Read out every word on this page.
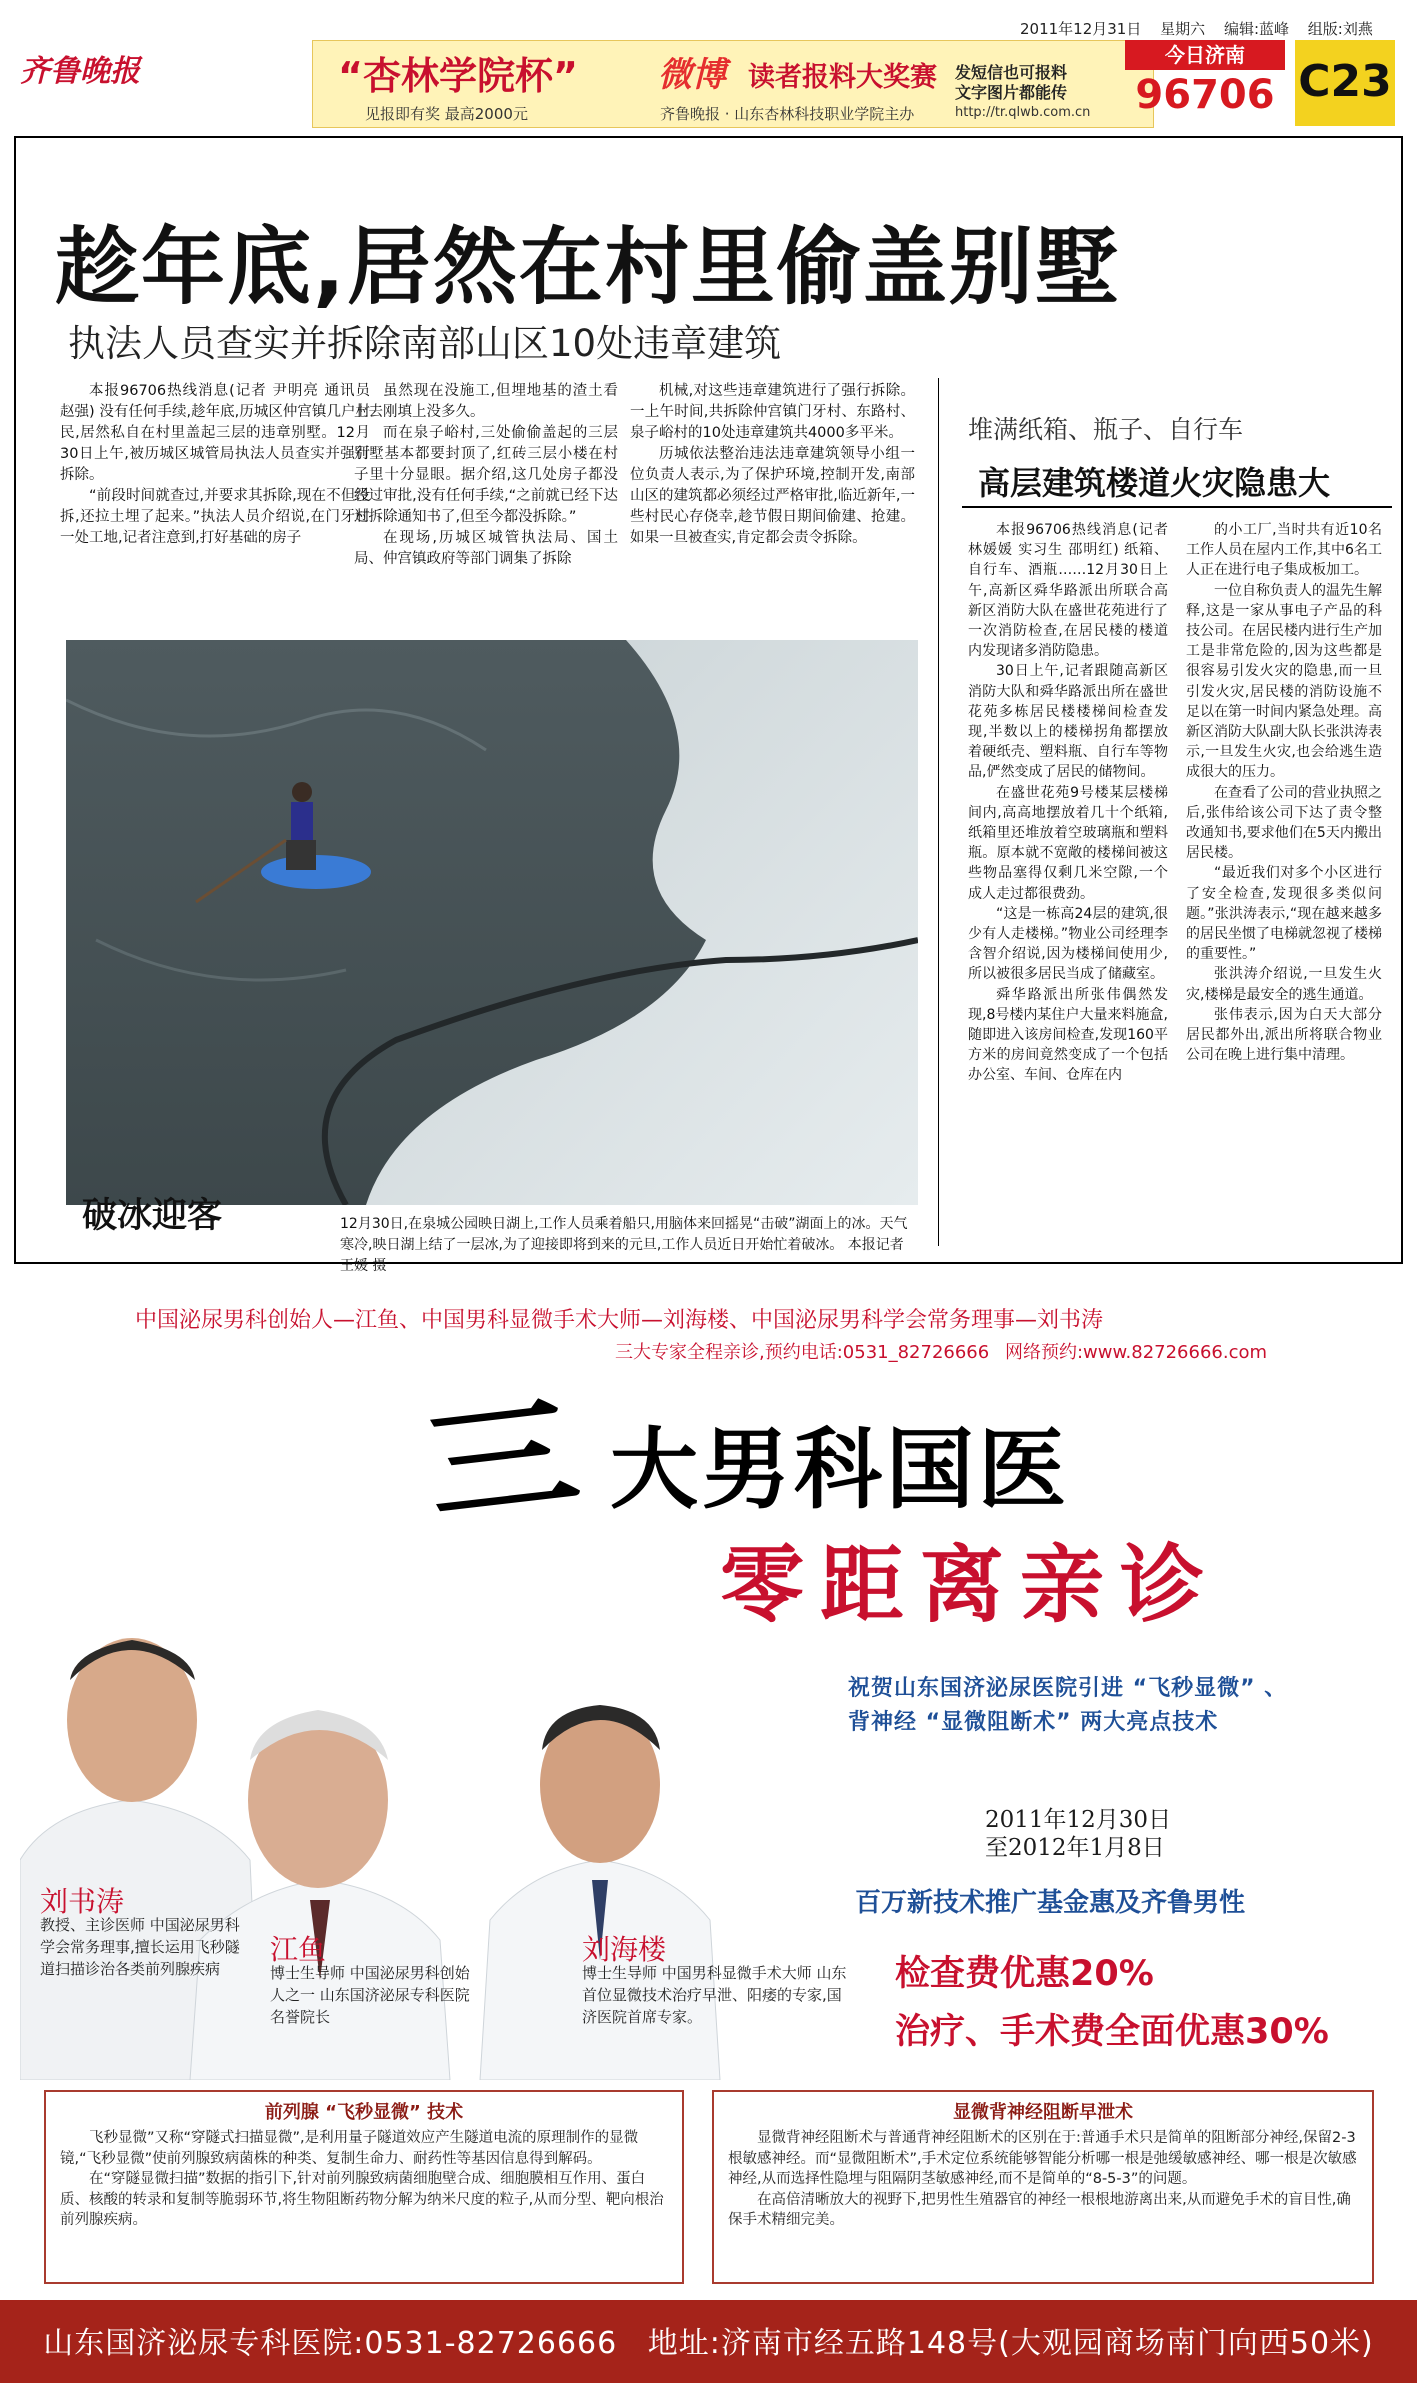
2011年12月31日 星期六 编辑:蓝峰 组版:刘燕
齐鲁晚报	“杏林学院杯”
见报即有奖 最高2000元
微博 读者报料大奖赛
齐鲁晚报 · 山东杏林科技职业学院主办
发短信也可报料
文字图片都能传
http://tr.qlwb.com.cn
今日济南
96706 C23
趁年底,居然在村里偷盖别墅
执法人员查实并拆除南部山区10处违章建筑

本报96706热线消息(记者 尹明亮 通讯员 赵强) 没有任何手续,趁年底,历城区仲宫镇几户村民,居然私自在村里盖起三层的违章别墅。12月30日上午,被历城区城管局执法人员查实并强行拆除。

“前段时间就查过,并要求其拆除,现在不但没拆,还拉土埋了起来。”执法人员介绍说,在门牙村一处工地,记者注意到,打好基础的房子

虽然现在没施工,但埋地基的渣土看上去刚填上没多久。

而在泉子峪村,三处偷偷盖起的三层别墅基本都要封顶了,红砖三层小楼在村子里十分显眼。据介绍,这几处房子都没经过审批,没有任何手续,“之前就已经下达过拆除通知书了,但至今都没拆除。”

在现场,历城区城管执法局、国土局、仲宫镇政府等部门调集了拆除

机械,对这些违章建筑进行了强行拆除。一上午时间,共拆除仲宫镇门牙村、东路村、泉子峪村的10处违章建筑共4000多平米。

历城依法整治违法违章建筑领导小组一位负责人表示,为了保护环境,控制开发,南部山区的建筑都必须经过严格审批,临近新年,一些村民心存侥幸,趁节假日期间偷建、抢建。如果一旦被查实,肯定都会责令拆除。

堆满纸箱、瓶子、自行车
高层建筑楼道火灾隐患大

本报96706热线消息(记者 林媛媛 实习生 邵明红) 纸箱、自行车、酒瓶……12月30日上午,高新区舜华路派出所联合高新区消防大队在盛世花苑进行了一次消防检查,在居民楼的楼道内发现诸多消防隐患。

30日上午,记者跟随高新区消防大队和舜华路派出所在盛世花苑多栋居民楼楼梯间检查发现,半数以上的楼梯拐角都摆放着硬纸壳、塑料瓶、自行车等物品,俨然变成了居民的储物间。

在盛世花苑9号楼某层楼梯间内,高高地摆放着几十个纸箱,纸箱里还堆放着空玻璃瓶和塑料瓶。原本就不宽敞的楼梯间被这些物品塞得仅剩几米空隙,一个成人走过都很费劲。

“这是一栋高24层的建筑,很少有人走楼梯。”物业公司经理李含智介绍说,因为楼梯间使用少,所以被很多居民当成了储藏室。

舜华路派出所张伟偶然发现,8号楼内某住户大量来料施盒,随即进入该房间检查,发现160平方米的房间竟然变成了一个包括办公室、车间、仓库在内

的小工厂,当时共有近10名工作人员在屋内工作,其中6名工人正在进行电子集成板加工。

一位自称负责人的温先生解释,这是一家从事电子产品的科技公司。在居民楼内进行生产加工是非常危险的,因为这些都是很容易引发火灾的隐患,而一旦引发火灾,居民楼的消防设施不足以在第一时间内紧急处理。高新区消防大队副大队长张洪涛表示,一旦发生火灾,也会给逃生造成很大的压力。

在查看了公司的营业执照之后,张伟给该公司下达了责令整改通知书,要求他们在5天内搬出居民楼。

“最近我们对多个小区进行了安全检查,发现很多类似问题。”张洪涛表示,“现在越来越多的居民坐惯了电梯就忽视了楼梯的重要性。”

张洪涛介绍说,一旦发生火灾,楼梯是最安全的逃生通道。

张伟表示,因为白天大部分居民都外出,派出所将联合物业公司在晚上进行集中清理。

破冰迎客	12月30日,在泉城公园映日湖上,工作人员乘着船只,用脑体来回摇晃“击破”湖面上的冰。天气寒冷,映日湖上结了一层冰,为了迎接即将到来的元旦,工作人员近日开始忙着破冰。 本报记者 王媛 摄
中国泌尿男科创始人—江鱼、中国男科显微手术大师—刘海楼、中国泌尿男科学会常务理事—刘书涛
三大专家全程亲诊,预约电话:0531_82726666 网络预约:www.82726666.com
三 大男科国医
零距离亲诊
刘书涛
教授、主诊医师 中国泌尿男科学会常务理事,擅长运用飞秒隧道扫描诊治各类前列腺疾病
江鱼
博士生导师 中国泌尿男科创始人之一 山东国济泌尿专科医院名誉院长
刘海楼
博士生导师 中国男科显微手术大师 山东首位显微技术治疗早泄、阳痿的专家,国济医院首席专家。
祝贺山东国济泌尿医院引进 “飞秒显微” 、
背神经 “显微阻断术” 两大亮点技术
2011年12月30日
至2012年1月8日
百万新技术推广基金惠及齐鲁男性
检查费优惠20%
治疗、手术费全面优惠30%
前列腺 “飞秒显微” 技术

飞秒显微”又称“穿隧式扫描显微”,是利用量子隧道效应产生隧道电流的原理制作的显微镜,“飞秒显微”使前列腺致病菌株的种类、复制生命力、耐药性等基因信息得到解码。

在“穿隧显微扫描”数据的指引下,针对前列腺致病菌细胞壁合成、细胞膜相互作用、蛋白质、核酸的转录和复制等脆弱环节,将生物阻断药物分解为纳米尺度的粒子,从而分型、靶向根治前列腺疾病。

显微背神经阻断早泄术

显微背神经阻断术与普通背神经阻断术的区别在于:普通手术只是简单的阻断部分神经,保留2-3根敏感神经。而“显微阻断术”,手术定位系统能够智能分析哪一根是弛缓敏感神经、哪一根是次敏感神经,从而选择性隐埋与阻隔阴茎敏感神经,而不是简单的“8-5-3”的问题。

在高倍清晰放大的视野下,把男性生殖器官的神经一根根地游离出来,从而避免手术的盲目性,确保手术精细完美。

山东国济泌尿专科医院:0531-82726666 地址:济南市经五路148号(大观园商场南门向西50米)
